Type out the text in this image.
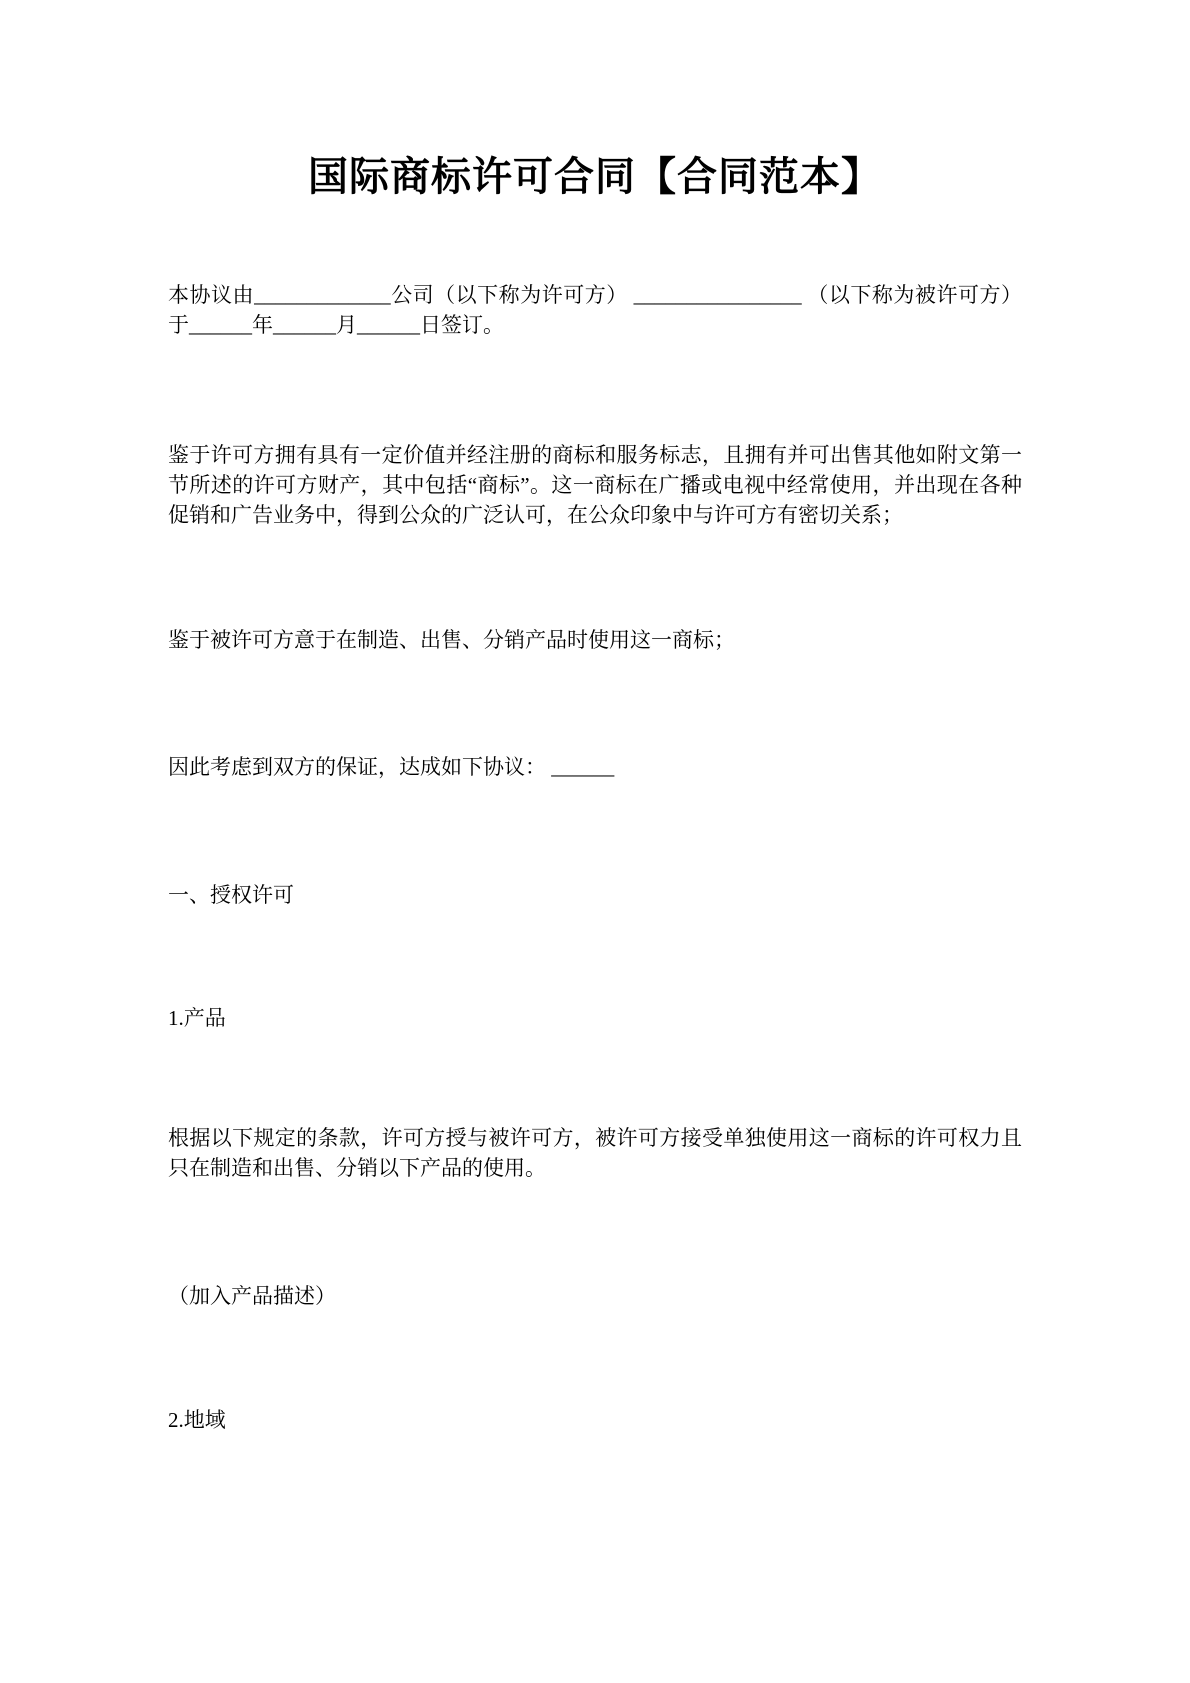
国际商标许可合同【合同范本】
本协议由_____________公司（以下称为许可方） ________________ （以下称为被许可方）于______年______月______日签订。
鉴于许可方拥有具有一定价值并经注册的商标和服务标志，且拥有并可出售其他如附文第一节所述的许可方财产，其中包括“商标”。这一商标在广播或电视中经常使用，并出现在各种促销和广告业务中，得到公众的广泛认可，在公众印象中与许可方有密切关系；
鉴于被许可方意于在制造、出售、分销产品时使用这一商标；
因此考虑到双方的保证，达成如下协议： ______
一、授权许可
1.产品
根据以下规定的条款，许可方授与被许可方，被许可方接受单独使用这一商标的许可权力且只在制造和出售、分销以下产品的使用。
（加入产品描述）
2.地域
